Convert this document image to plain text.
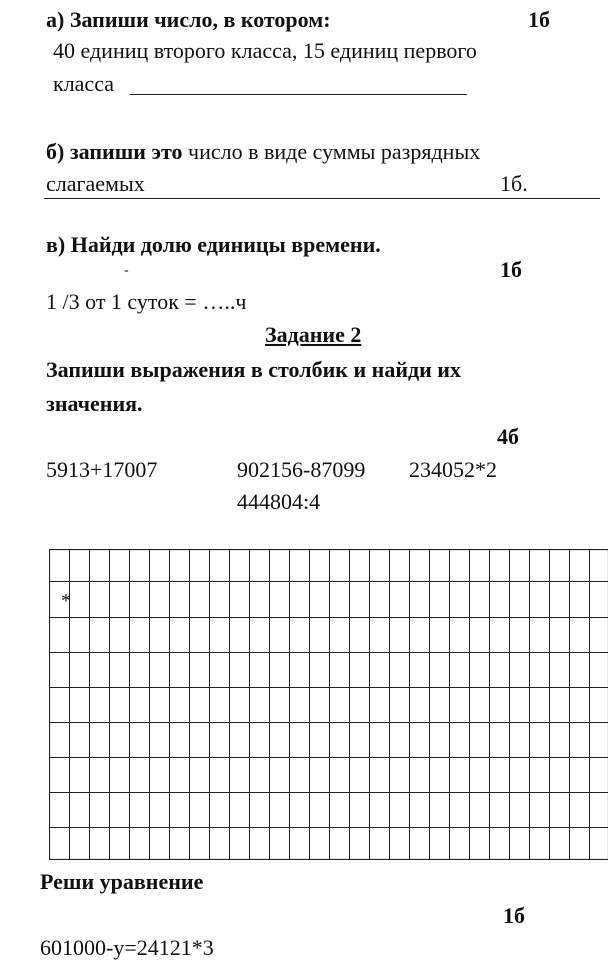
а) Запиши число, в котором:	1б
40 единиц второго класса, 15 единиц первого
класса
б) запиши это число в виде суммы разрядных
слагаемых	1б.
в) Найди долю единицы времени.
1б
-
1 /3 от 1 суток = …..ч
Задание 2
Запиши выражения в столбик и найди их
значения.
4б
5913+17007	902156-87099 234052*2
444804:4
*
Реши уравнение
1б
601000-у=24121*3
